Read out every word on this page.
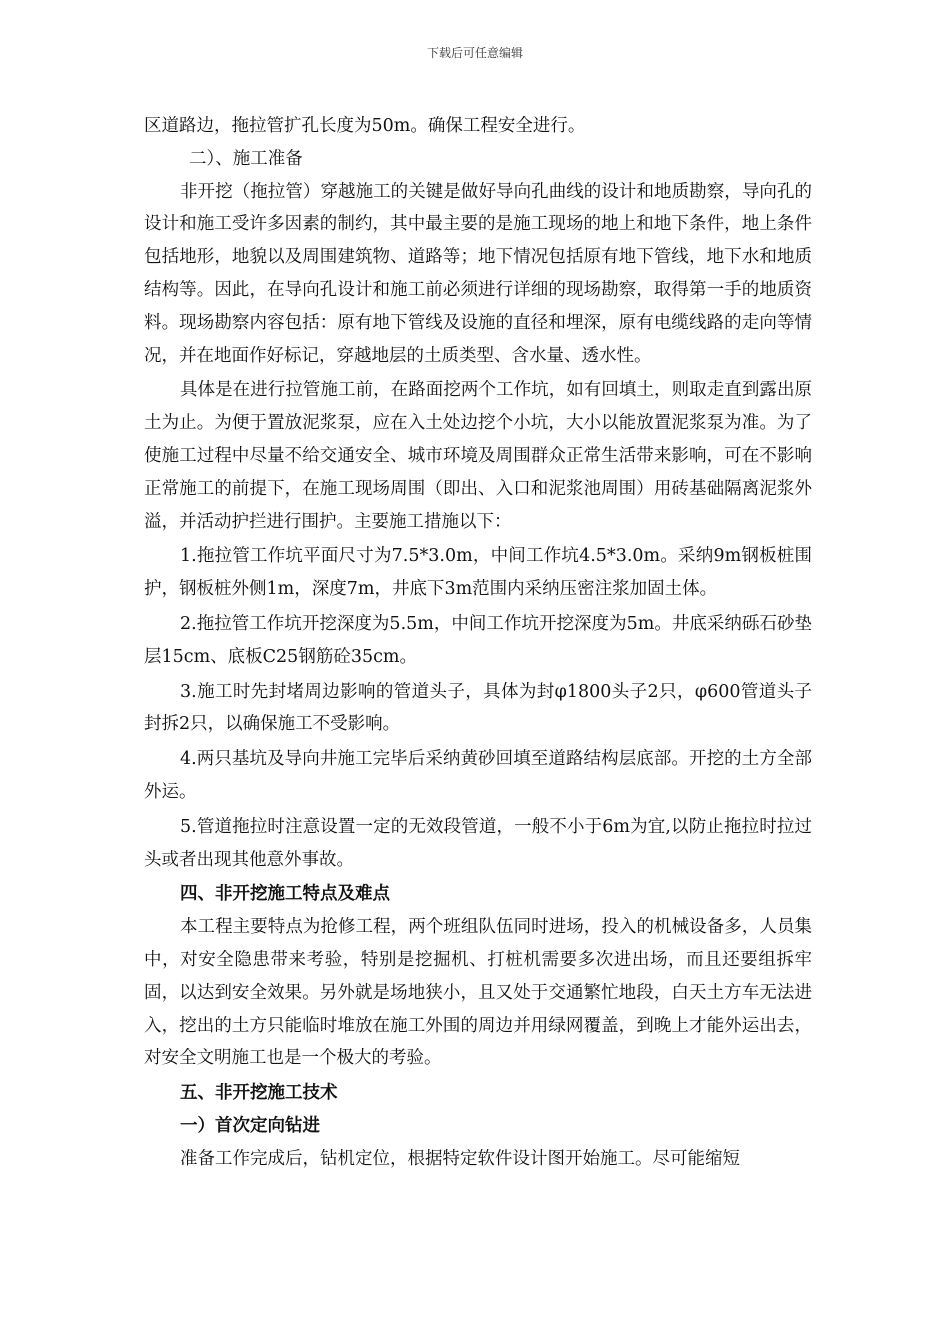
下载后可任意编辑

区道路边，拖拉管扩孔长度为50m。确保工程安全进行。

二）、施工准备

非开挖（拖拉管）穿越施工的关键是做好导向孔曲线的设计和地质勘察，导向孔的设计和施工受许多因素的制约，其中最主要的是施工现场的地上和地下条件，地上条件包括地形，地貌以及周围建筑物、道路等；地下情况包括原有地下管线，地下水和地质结构等。因此，在导向孔设计和施工前必须进行详细的现场勘察，取得第一手的地质资料。现场勘察内容包括：原有地下管线及设施的直径和埋深，原有电缆线路的走向等情况，并在地面作好标记，穿越地层的土质类型、含水量、透水性。

具体是在进行拉管施工前，在路面挖两个工作坑，如有回填土，则取走直到露出原土为止。为便于置放泥浆泵，应在入土处边挖个小坑，大小以能放置泥浆泵为准。为了使施工过程中尽量不给交通安全、城市环境及周围群众正常生活带来影响，可在不影响正常施工的前提下，在施工现场周围（即出、入口和泥浆池周围）用砖基础隔离泥浆外溢，并活动护拦进行围护。主要施工措施以下：

1.拖拉管工作坑平面尺寸为7.5*3.0m，中间工作坑4.5*3.0m。采纳9m钢板桩围护，钢板桩外侧1m，深度7m，井底下3m范围内采纳压密注浆加固土体。

2.拖拉管工作坑开挖深度为5.5m，中间工作坑开挖深度为5m。井底采纳砾石砂垫层15cm、底板C25钢筋砼35cm。

3.施工时先封堵周边影响的管道头子，具体为封φ1800头子2只，φ600管道头子封拆2只，以确保施工不受影响。

4.两只基坑及导向井施工完毕后采纳黄砂回填至道路结构层底部。开挖的土方全部外运。

5.管道拖拉时注意设置一定的无效段管道，一般不小于6m为宜,以防止拖拉时拉过头或者出现其他意外事故。

四、非开挖施工特点及难点

本工程主要特点为抢修工程，两个班组队伍同时进场，投入的机械设备多，人员集中，对安全隐患带来考验，特别是挖掘机、打桩机需要多次进出场，而且还要组拆牢固，以达到安全效果。另外就是场地狭小，且又处于交通繁忙地段，白天土方车无法进入，挖出的土方只能临时堆放在施工外围的周边并用绿网覆盖，到晚上才能外运出去，对安全文明施工也是一个极大的考验。

五、非开挖施工技术

一）首次定向钻进

准备工作完成后，钻机定位，根据特定软件设计图开始施工。尽可能缩短
